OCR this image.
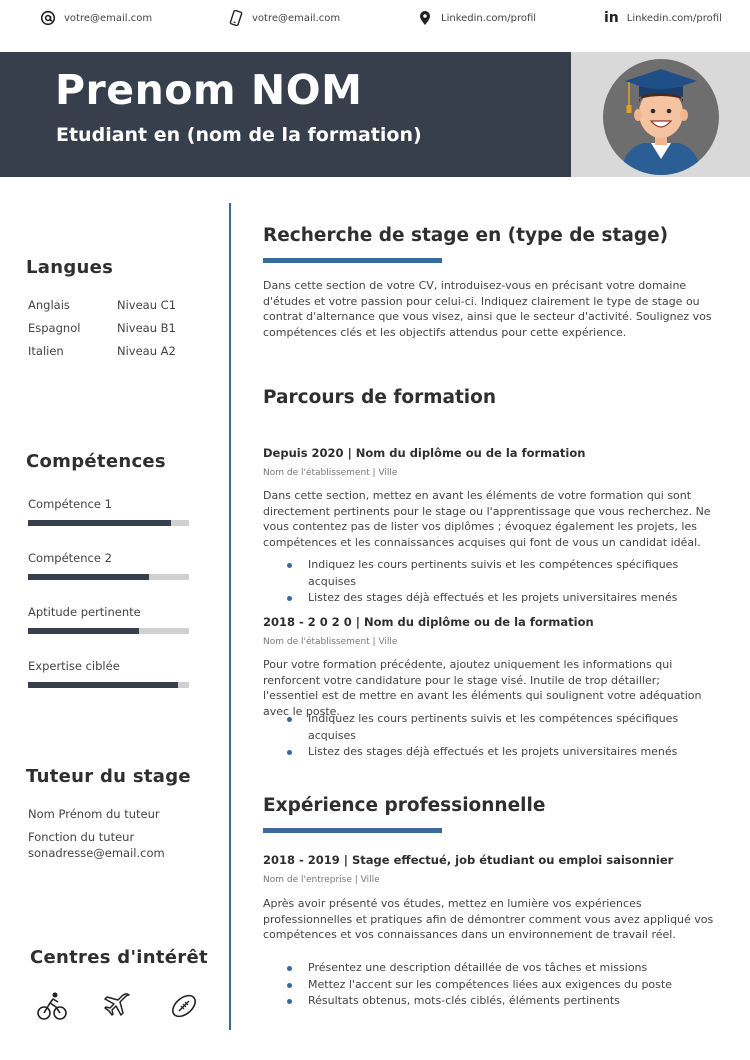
votre@email.com	votre@email.com	Linkedin.com/profil	in Linkedin.com/profil
Prenom NOM
Etudiant en (nom de la formation)
Langues
Anglais	Niveau C1
Espagnol	Niveau B1
Italien	Niveau A2
Compétences
Compétence 1
Compétence 2
Aptitude pertinente
Expertise ciblée
Tuteur du stage
Nom Prénom du tuteur
Fonction du tuteur
sonadresse@email.com
Centres d'intérêt
Recherche de stage en (type de stage)
Dans cette section de votre CV, introduisez-vous en précisant votre domaine d'études et votre passion pour celui-ci. Indiquez clairement le type de stage ou contrat d'alternance que vous visez, ainsi que le secteur d'activité. Soulignez vos compétences clés et les objectifs attendus pour cette expérience.
Parcours de formation
Depuis 2020 | Nom du diplôme ou de la formation
Nom de l'établissement | Ville
Dans cette section, mettez en avant les éléments de votre formation qui sont directement pertinents pour le stage ou l'apprentissage que vous recherchez. Ne vous contentez pas de lister vos diplômes ; évoquez également les projets, les compétences et les connaissances acquises qui font de vous un candidat idéal.
Indiquez les cours pertinents suivis et les compétences spécifiques acquises
Listez des stages déjà effectués et les projets universitaires menés
2018 - 2 0 2 0 | Nom du diplôme ou de la formation
Nom de l'établissement | Ville
Pour votre formation précédente, ajoutez uniquement les informations qui renforcent votre candidature pour le stage visé. Inutile de trop détailler; l'essentiel est de mettre en avant les éléments qui soulignent votre adéquation avec le poste.
Indiquez les cours pertinents suivis et les compétences spécifiques acquises
Listez des stages déjà effectués et les projets universitaires menés
Expérience professionnelle
2018 - 2019 | Stage effectué, job étudiant ou emploi saisonnier
Nom de l'entreprise | Ville
Après avoir présenté vos études, mettez en lumière vos expériences professionnelles et pratiques afin de démontrer comment vous avez appliqué vos compétences et vos connaissances dans un environnement de travail réel.
Présentez une description détaillée de vos tâches et missions
Mettez l'accent sur les compétences liées aux exigences du poste
Résultats obtenus, mots-clés ciblés, éléments pertinents
